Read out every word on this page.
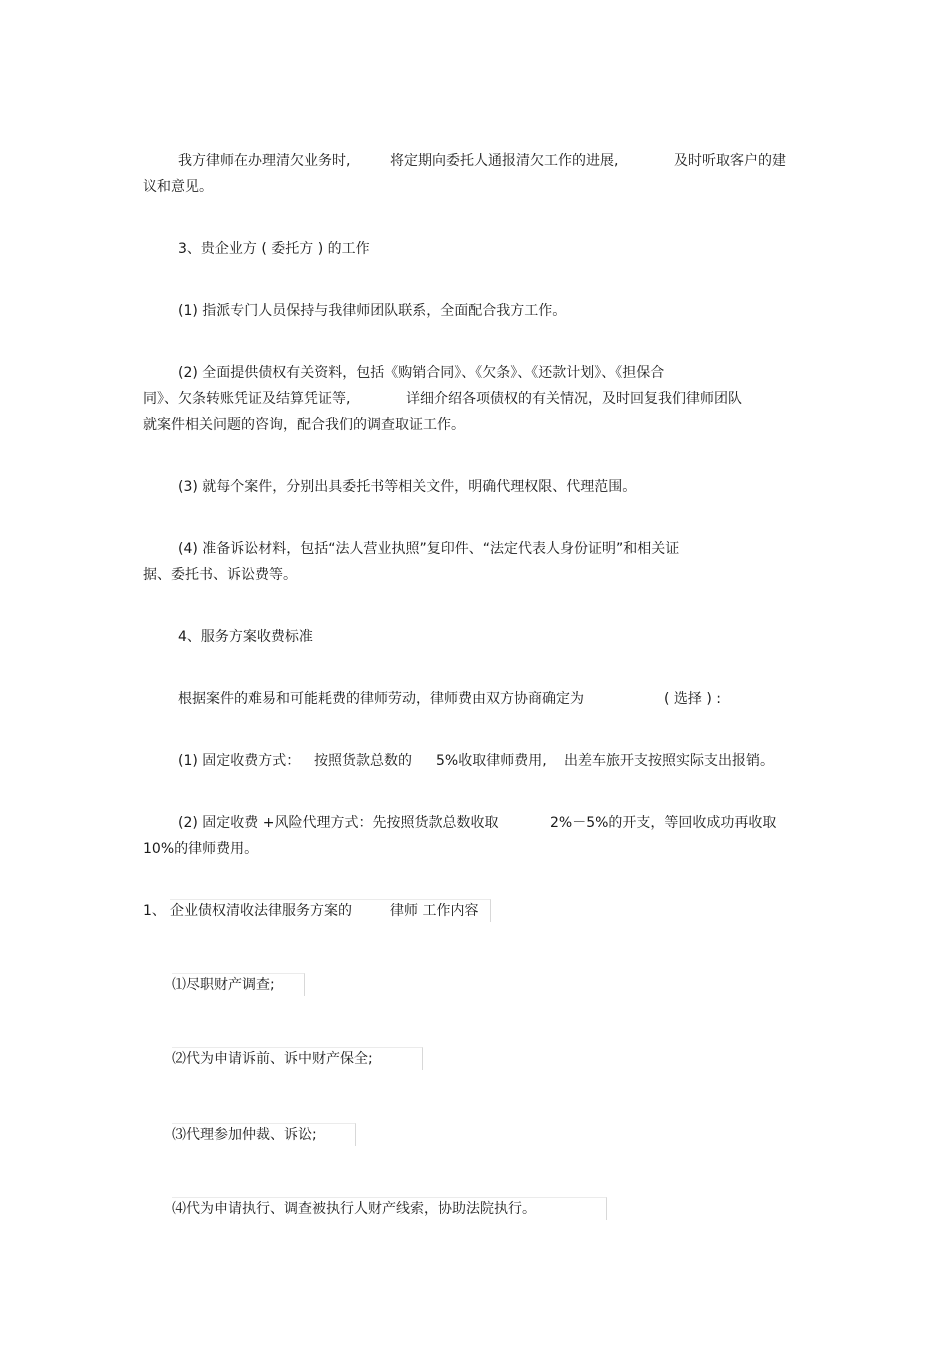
我方律师在办理清欠业务时,	将定期向委托人通报清欠工作的进展,	及时听取客户的建
议和意见。
3、贵企业方 ( 委托方 ) 的工作
(1) 指派专门人员保持与我律师团队联系，全面配合我方工作。
(2) 全面提供债权有关资料，包括《购销合同》、《欠条》、《还款计划》、《担保合
同》、欠条转账凭证及结算凭证等,	详细介绍各项债权的有关情况，及时回复我们律师团队
就案件相关问题的咨询，配合我们的调查取证工作。
(3) 就每个案件，分别出具委托书等相关文件，明确代理权限、代理范围。
(4) 准备诉讼材料，包括“法人营业执照”复印件、“法定代表人身份证明”和相关证
据、委托书、诉讼费等。
4、服务方案收费标准
根据案件的难易和可能耗费的律师劳动，律师费由双方协商确定为	( 选择 ) :
(1) 固定收费方式： 按照货款总数的 5%收取律师费用, 出差车旅开支按照实际支出报销。
(2) 固定收费 +风险代理方式：先按照货款总数收取	2%－5%的开支，等回收成功再收取
10%的律师费用。
1、 企业债权清收法律服务方案的	律师 工作内容
⑴尽职财产调查;
⑵代为申请诉前、诉中财产保全;
⑶代理参加仲裁、诉讼;
⑷代为申请执行、调查被执行人财产线索，协助法院执行。
